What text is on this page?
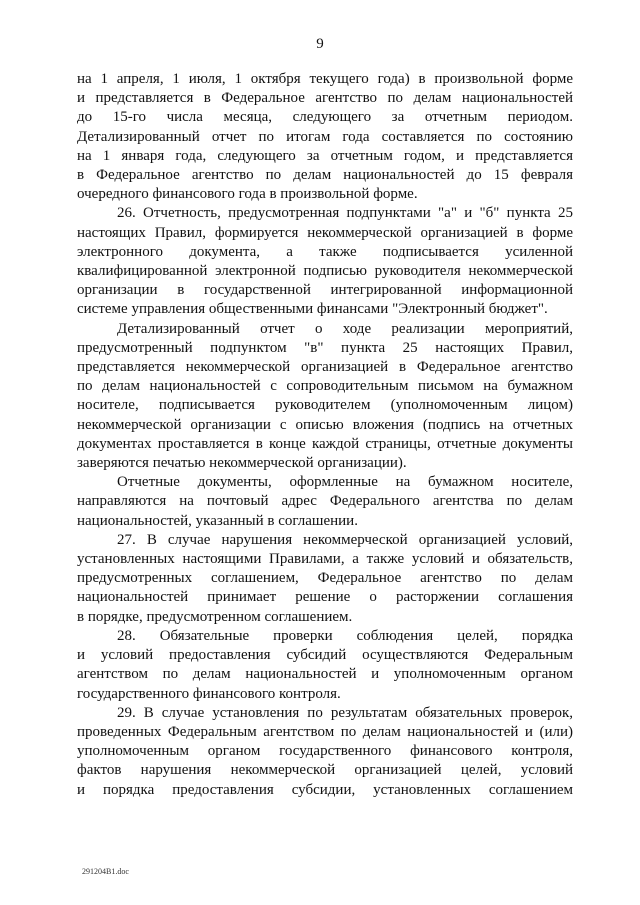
9

на 1 апреля, 1 июля, 1 октября текущего года) в произвольной форме
и представляется в Федеральное агентство по делам национальностей
до 15-го числа месяца, следующего за отчетным периодом.
Детализированный отчет по итогам года составляется по состоянию
на 1 января года, следующего за отчетным годом, и представляется
в Федеральное агентство по делам национальностей до 15 февраля
очередного финансового года в произвольной форме.

26. Отчетность, предусмотренная подпунктами "а" и "б" пункта 25
настоящих Правил, формируется некоммерческой организацией в форме
электронного документа, а также подписывается усиленной
квалифицированной электронной подписью руководителя некоммерческой
организации в государственной интегрированной информационной
системе управления общественными финансами "Электронный бюджет".

Детализированный отчет о ходе реализации мероприятий,
предусмотренный подпунктом "в" пункта 25 настоящих Правил,
представляется некоммерческой организацией в Федеральное агентство
по делам национальностей с сопроводительным письмом на бумажном
носителе, подписывается руководителем (уполномоченным лицом)
некоммерческой организации с описью вложения (подпись на отчетных
документах проставляется в конце каждой страницы, отчетные документы
заверяются печатью некоммерческой организации).

Отчетные документы, оформленные на бумажном носителе,
направляются на почтовый адрес Федерального агентства по делам
национальностей, указанный в соглашении.

27. В случае нарушения некоммерческой организацией условий,
установленных настоящими Правилами, а также условий и обязательств,
предусмотренных соглашением, Федеральное агентство по делам
национальностей принимает решение о расторжении соглашения
в порядке, предусмотренном соглашением.

28. Обязательные проверки соблюдения целей, порядка
и условий предоставления субсидий осуществляются Федеральным
агентством по делам национальностей и уполномоченным органом
государственного финансового контроля.

29. В случае установления по результатам обязательных проверок,
проведенных Федеральным агентством по делам национальностей и (или)
уполномоченным органом государственного финансового контроля,
фактов нарушения некоммерческой организацией целей, условий
и порядка предоставления субсидии, установленных соглашением

291204В1.doc
